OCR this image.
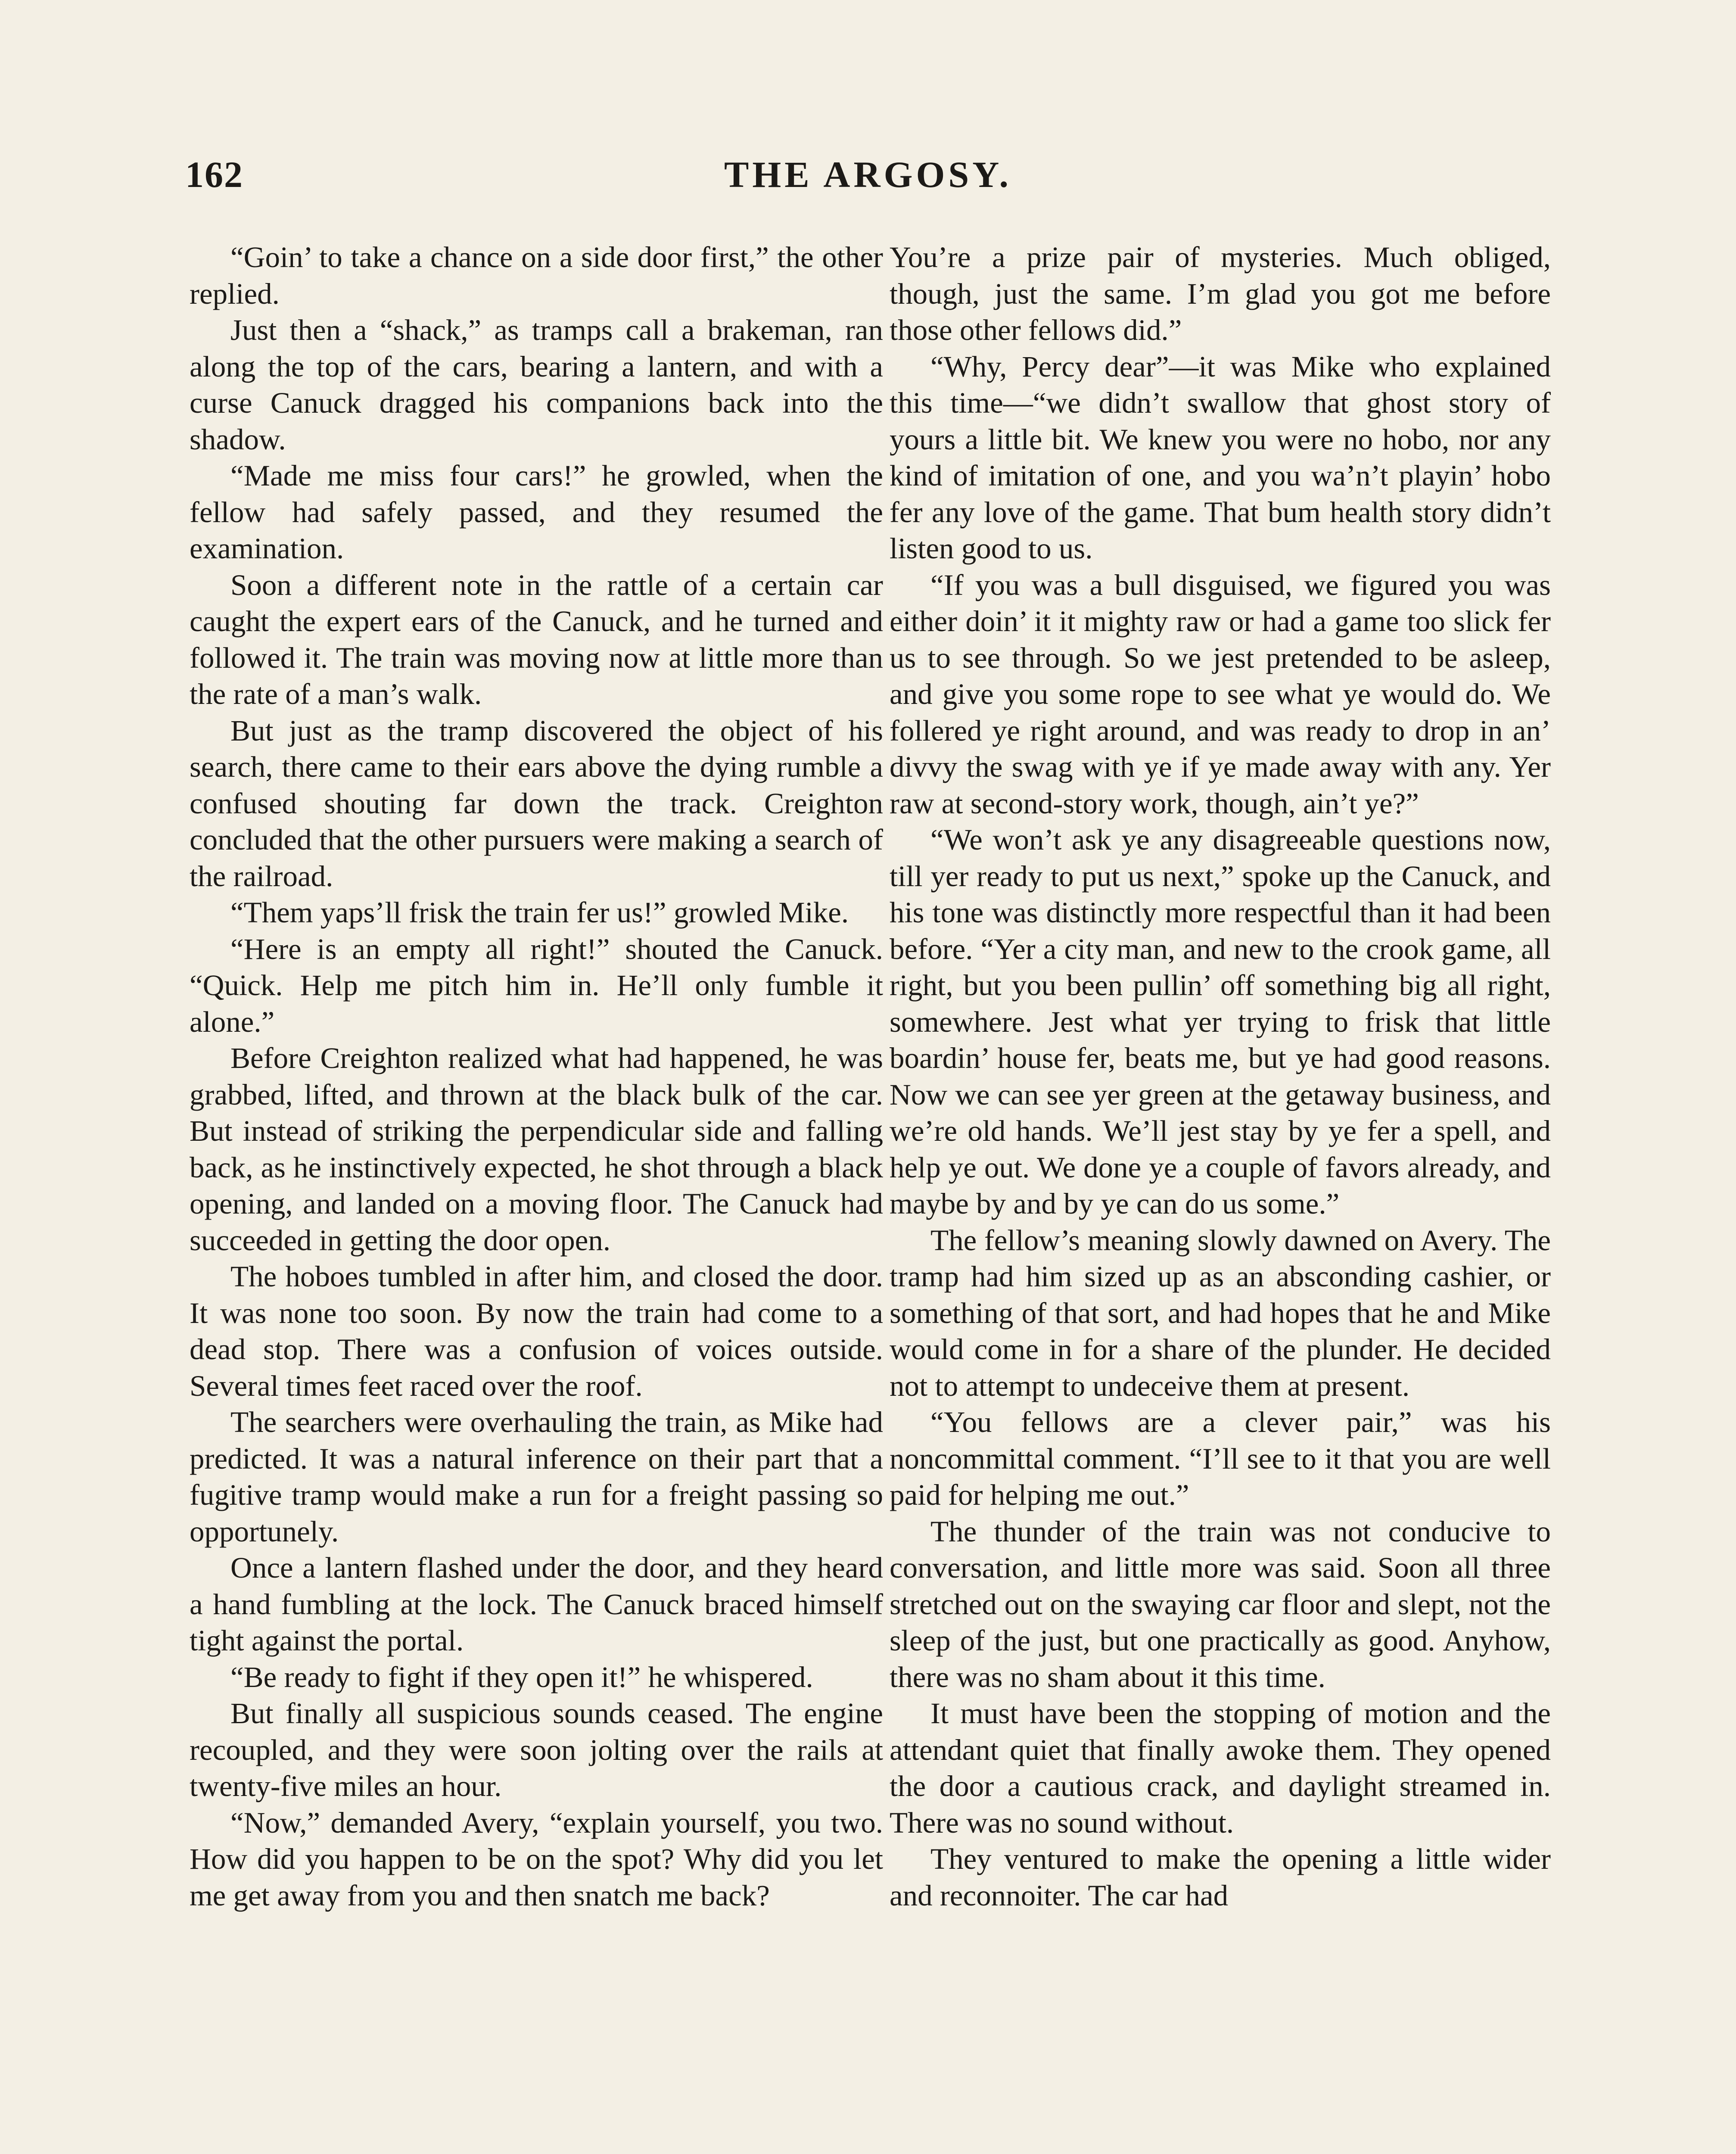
162	THE ARGOSY.

“Goin’ to take a chance on a side door first,” the other replied.

Just then a “shack,” as tramps call a brakeman, ran along the top of the cars, bearing a lantern, and with a curse Canuck dragged his companions back into the shadow.

“Made me miss four cars!” he growled, when the fellow had safely passed, and they resumed the examination.

Soon a different note in the rattle of a certain car caught the expert ears of the Canuck, and he turned and followed it. The train was moving now at little more than the rate of a man’s walk.

But just as the tramp discovered the object of his search, there came to their ears above the dying rumble a confused shouting far down the track. Creighton concluded that the other pursuers were making a search of the railroad.

“Them yaps’ll frisk the train fer us!” growled Mike.

“Here is an empty all right!” shouted the Canuck. “Quick. Help me pitch him in. He’ll only fumble it alone.”

Before Creighton realized what had happened, he was grabbed, lifted, and thrown at the black bulk of the car. But instead of striking the perpendicular side and falling back, as he instinctively expected, he shot through a black opening, and landed on a moving floor. The Canuck had succeeded in getting the door open.

The hoboes tumbled in after him, and closed the door. It was none too soon. By now the train had come to a dead stop. There was a confusion of voices outside. Several times feet raced over the roof.

The searchers were overhauling the train, as Mike had predicted. It was a natural inference on their part that a fugitive tramp would make a run for a freight passing so opportunely.

Once a lantern flashed under the door, and they heard a hand fumbling at the lock. The Canuck braced himself tight against the portal.

“Be ready to fight if they open it!” he whispered.

But finally all suspicious sounds ceased. The engine recoupled, and they were soon jolting over the rails at twenty-five miles an hour.

“Now,” demanded Avery, “explain yourself, you two. How did you happen to be on the spot? Why did you let me get away from you and then snatch me back?

You’re a prize pair of mysteries. Much obliged, though, just the same. I’m glad you got me before those other fellows did.”

“Why, Percy dear”—it was Mike who explained this time—“we didn’t swallow that ghost story of yours a little bit. We knew you were no hobo, nor any kind of imitation of one, and you wa’n’t playin’ hobo fer any love of the game. That bum health story didn’t listen good to us.

“If you was a bull disguised, we figured you was either doin’ it it mighty raw or had a game too slick fer us to see through. So we jest pretended to be asleep, and give you some rope to see what ye would do. We follered ye right around, and was ready to drop in an’ divvy the swag with ye if ye made away with any. Yer raw at second-story work, though, ain’t ye?”

“We won’t ask ye any disagreeable questions now, till yer ready to put us next,” spoke up the Canuck, and his tone was distinctly more respectful than it had been before. “Yer a city man, and new to the crook game, all right, but you been pullin’ off something big all right, somewhere. Jest what yer trying to frisk that little boardin’ house fer, beats me, but ye had good reasons. Now we can see yer green at the getaway business, and we’re old hands. We’ll jest stay by ye fer a spell, and help ye out. We done ye a couple of favors already, and maybe by and by ye can do us some.”

The fellow’s meaning slowly dawned on Avery. The tramp had him sized up as an absconding cashier, or something of that sort, and had hopes that he and Mike would come in for a share of the plunder. He decided not to attempt to undeceive them at present.

“You fellows are a clever pair,” was his noncommittal comment. “I’ll see to it that you are well paid for helping me out.”

The thunder of the train was not conducive to conversation, and little more was said. Soon all three stretched out on the swaying car floor and slept, not the sleep of the just, but one practically as good. Anyhow, there was no sham about it this time.

It must have been the stopping of motion and the attendant quiet that finally awoke them. They opened the door a cautious crack, and daylight streamed in. There was no sound without.

They ventured to make the opening a little wider and reconnoiter. The car had
